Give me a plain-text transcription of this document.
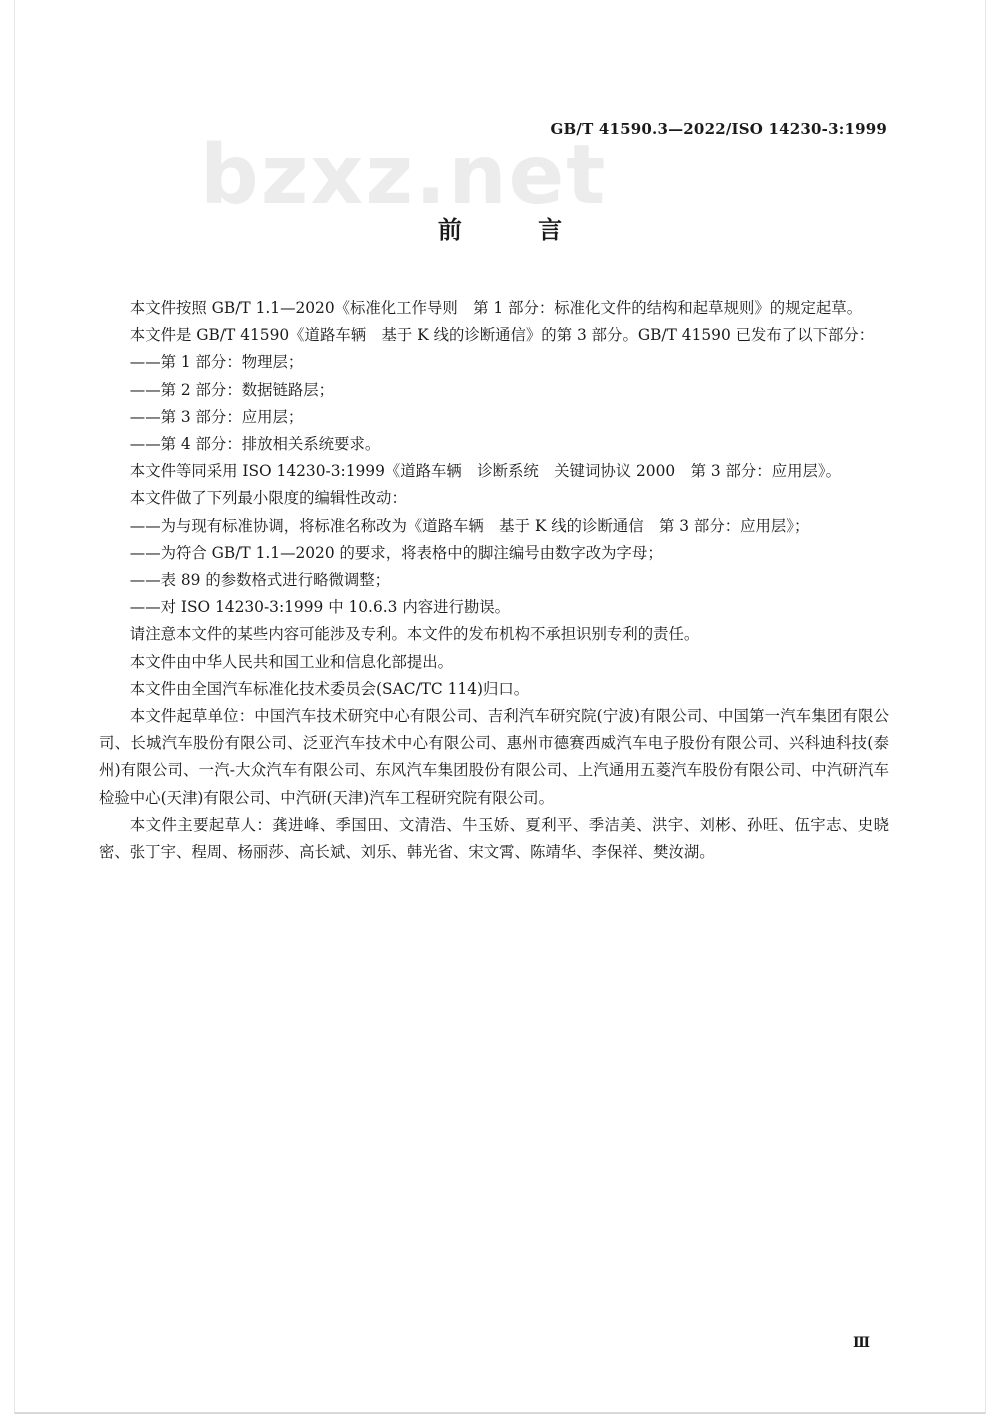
bzxz.net
GB/T 41590.3—2022/ISO 14230-3:1999
前 言

本文件按照 GB/T 1.1—2020《标准化工作导则　第 1 部分：标准化文件的结构和起草规则》的规定起草。

本文件是 GB/T 41590《道路车辆　基于 K 线的诊断通信》的第 3 部分。GB/T 41590 已发布了以下部分：

——第 1 部分：物理层；

——第 2 部分：数据链路层；

——第 3 部分：应用层；

——第 4 部分：排放相关系统要求。

本文件等同采用 ISO 14230-3:1999《道路车辆　诊断系统　关键词协议 2000　第 3 部分：应用层》。

本文件做了下列最小限度的编辑性改动：

——为与现有标准协调，将标准名称改为《道路车辆　基于 K 线的诊断通信　第 3 部分：应用层》；

——为符合 GB/T 1.1—2020 的要求，将表格中的脚注编号由数字改为字母；

——表 89 的参数格式进行略微调整；

——对 ISO 14230-3:1999 中 10.6.3 内容进行勘误。

请注意本文件的某些内容可能涉及专利。本文件的发布机构不承担识别专利的责任。

本文件由中华人民共和国工业和信息化部提出。

本文件由全国汽车标准化技术委员会(SAC/TC 114)归口。

本文件起草单位：中国汽车技术研究中心有限公司、吉利汽车研究院(宁波)有限公司、中国第一汽车集团有限公司、长城汽车股份有限公司、泛亚汽车技术中心有限公司、惠州市德赛西威汽车电子股份有限公司、兴科迪科技(泰州)有限公司、一汽-大众汽车有限公司、东风汽车集团股份有限公司、上汽通用五菱汽车股份有限公司、中汽研汽车检验中心(天津)有限公司、中汽研(天津)汽车工程研究院有限公司。

本文件主要起草人：龚进峰、季国田、文清浩、牛玉娇、夏利平、季洁美、洪宇、刘彬、孙旺、伍宇志、史晓密、张丁宇、程周、杨丽莎、高长斌、刘乐、韩光省、宋文霄、陈靖华、李保祥、樊汝湖。

Ⅲ
